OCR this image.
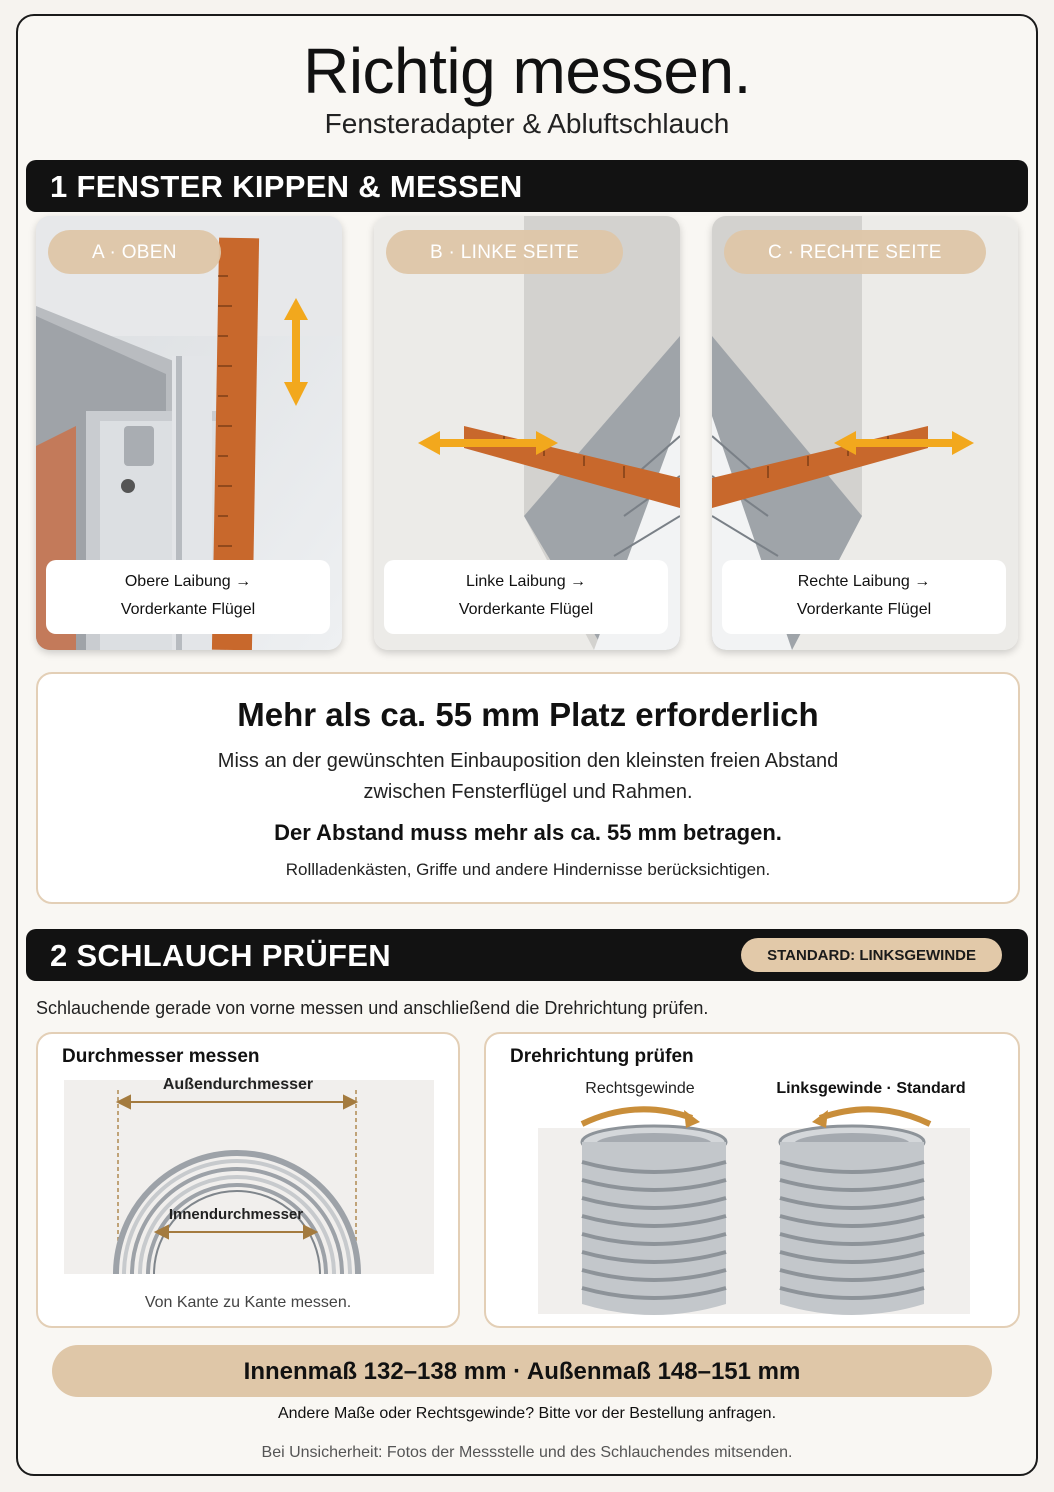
Richtig messen.
Fensteradapter & Abluftschlauch
1 FENSTER KIPPEN & MESSEN
A · OBEN
Obere Laibung →
Vorderkante Flügel
B · LINKE SEITE
Linke Laibung →
Vorderkante Flügel
C · RECHTE SEITE
Rechte Laibung →
Vorderkante Flügel
Mehr als ca. 55 mm Platz erforderlich
Miss an der gewünschten Einbauposition den kleinsten freien Abstand
zwischen Fensterflügel und Rahmen.
Der Abstand muss mehr als ca. 55 mm betragen.
Rollladenkästen, Griffe und andere Hindernisse berücksichtigen.
2 SCHLAUCH PRÜFEN	STANDARD: LINKSGEWINDE
Schlauchende gerade von vorne messen und anschließend die Drehrichtung prüfen.
Durchmesser messen
Außendurchmesser
Innendurchmesser
Von Kante zu Kante messen.
Drehrichtung prüfen
Rechtsgewinde	Linksgewinde · Standard
Innenmaß 132–138 mm · Außenmaß 148–151 mm
Andere Maße oder Rechtsgewinde? Bitte vor der Bestellung anfragen.
Bei Unsicherheit: Fotos der Messstelle und des Schlauchendes mitsenden.
